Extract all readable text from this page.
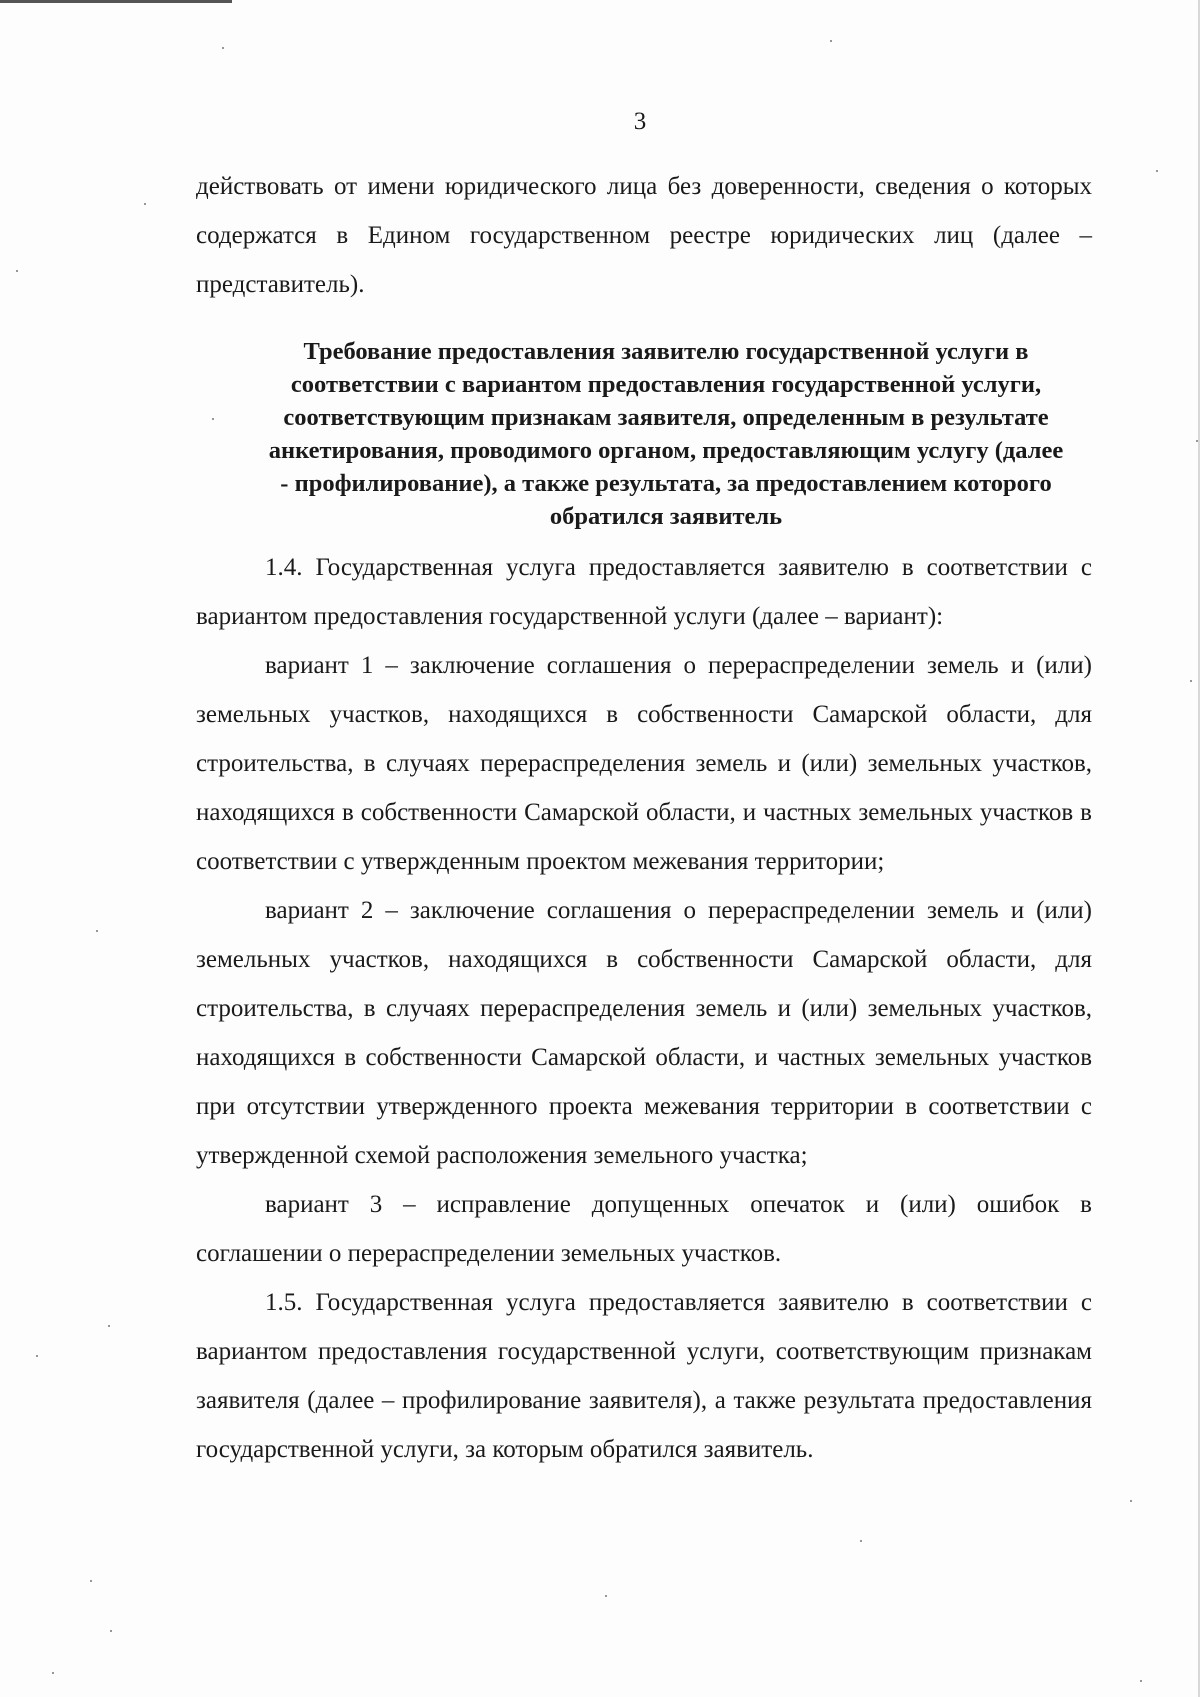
3

действовать от имени юридического лица без доверенности, сведения о которых содержатся в Едином государственном реестре юридических лиц (далее – представитель).

Требование предоставления заявителю государственной услуги в соответствии с вариантом предоставления государственной услуги, соответствующим признакам заявителя, определенным в результате анкетирования, проводимого органом, предоставляющим услугу (далее - профилирование), а также результата, за предоставлением которого обратился заявитель

1.4. Государственная услуга предоставляется заявителю в соответствии с вариантом предоставления государственной услуги (далее – вариант):

вариант 1 – заключение соглашения о перераспределении земель и (или) земельных участков, находящихся в собственности Самарской области, для строительства, в случаях перераспределения земель и (или) земельных участков, находящихся в собственности Самарской области, и частных земельных участков в соответствии с утвержденным проектом межевания территории;

вариант 2 – заключение соглашения о перераспределении земель и (или) земельных участков, находящихся в собственности Самарской области, для строительства, в случаях перераспределения земель и (или) земельных участков, находящихся в собственности Самарской области, и частных земельных участков при отсутствии утвержденного проекта межевания территории в соответствии с утвержденной схемой расположения земельного участка;

вариант 3 – исправление допущенных опечаток и (или) ошибок в соглашении о перераспределении земельных участков.

1.5. Государственная услуга предоставляется заявителю в соответствии с вариантом предоставления государственной услуги, соответствующим признакам заявителя (далее – профилирование заявителя), а также результата предоставления государственной услуги, за которым обратился заявитель.
